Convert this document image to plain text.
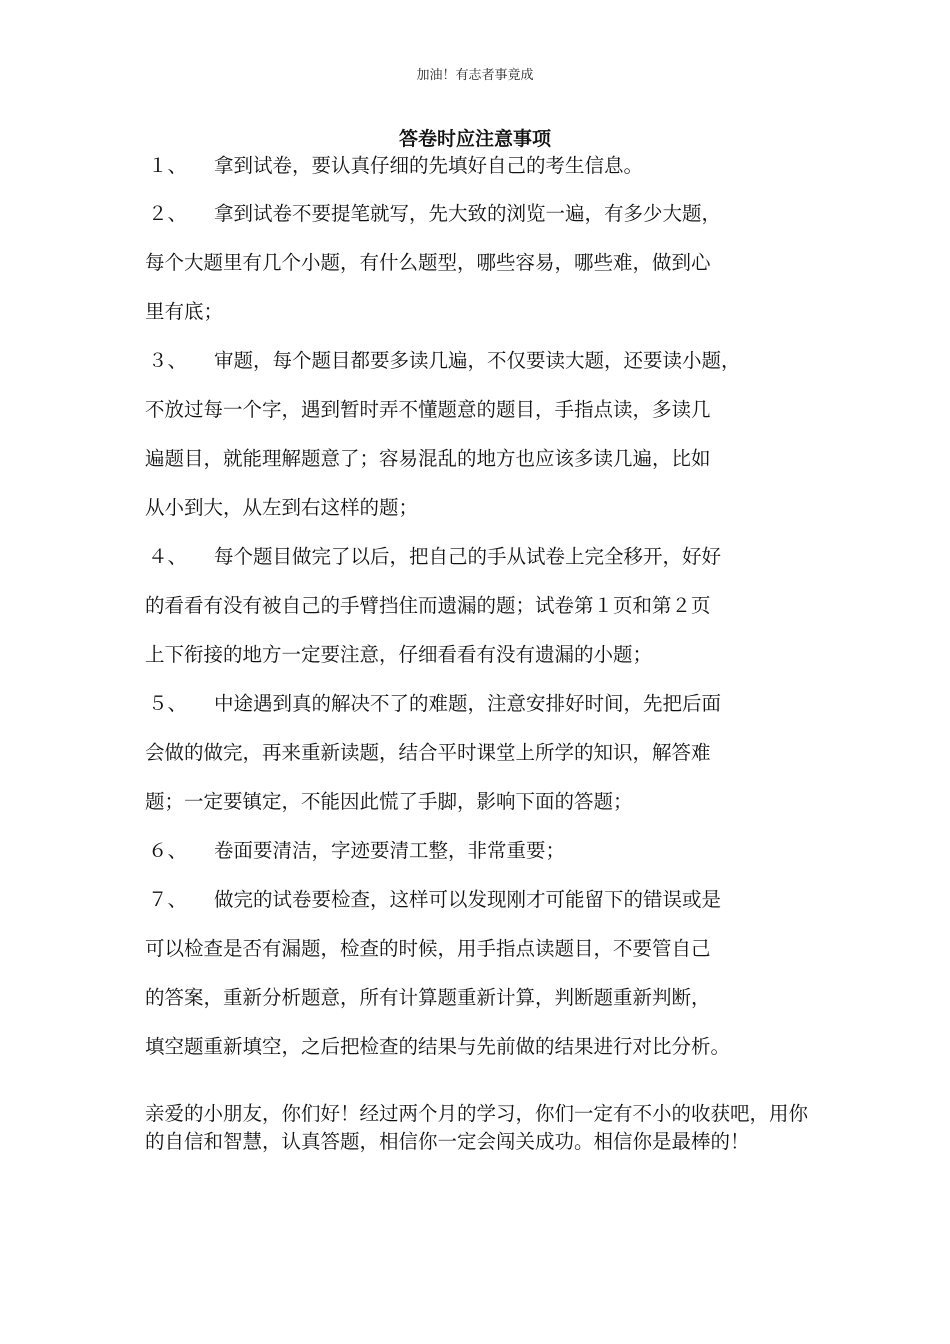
加油！有志者事竟成
答卷时应注意事项
１、 拿到试卷，要认真仔细的先填好自己的考生信息。
２、 拿到试卷不要提笔就写，先大致的浏览一遍，有多少大题，
每个大题里有几个小题，有什么题型，哪些容易，哪些难，做到心
里有底；
３、 审题，每个题目都要多读几遍，不仅要读大题，还要读小题，
不放过每一个字，遇到暂时弄不懂题意的题目，手指点读，多读几
遍题目，就能理解题意了；容易混乱的地方也应该多读几遍，比如
从小到大，从左到右这样的题；
４、 每个题目做完了以后，把自己的手从试卷上完全移开，好好
的看看有没有被自己的手臂挡住而遗漏的题；试卷第１页和第２页
上下衔接的地方一定要注意，仔细看看有没有遗漏的小题；
５、 中途遇到真的解决不了的难题，注意安排好时间，先把后面
会做的做完，再来重新读题，结合平时课堂上所学的知识，解答难
题；一定要镇定，不能因此慌了手脚，影响下面的答题；
６、 卷面要清洁，字迹要清工整，非常重要；
７、 做完的试卷要检查，这样可以发现刚才可能留下的错误或是
可以检查是否有漏题，检查的时候，用手指点读题目，不要管自己
的答案，重新分析题意，所有计算题重新计算，判断题重新判断，
填空题重新填空，之后把检查的结果与先前做的结果进行对比分析。
亲爱的小朋友，你们好！经过两个月的学习，你们一定有不小的收获吧，用你的自信和智慧，认真答题，相信你一定会闯关成功。相信你是最棒的！
